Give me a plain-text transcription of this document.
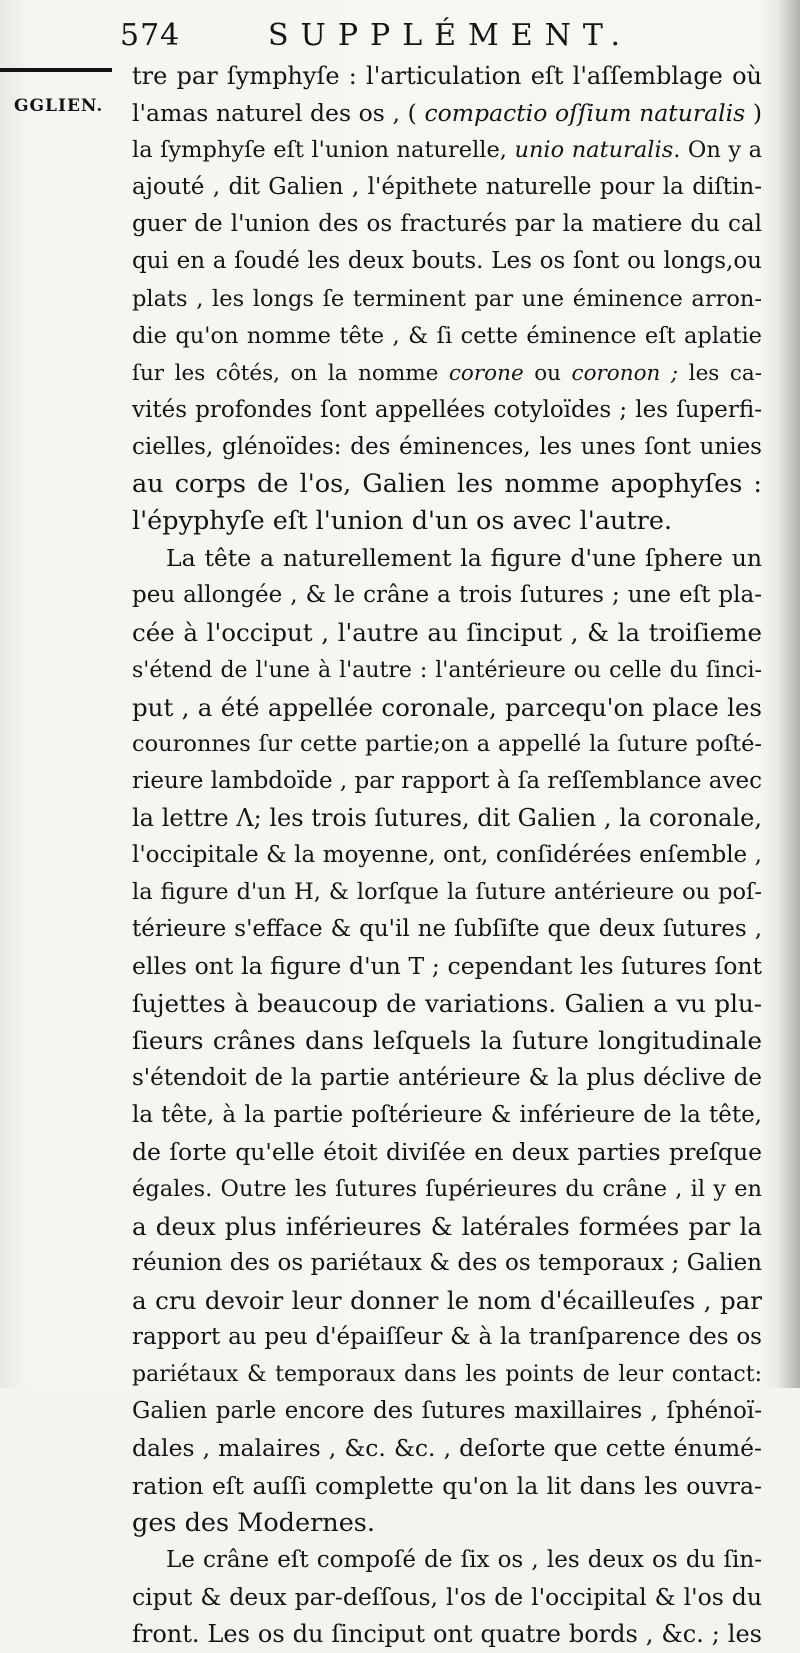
574	SUPPLÉMENT.
GGLIEN.
tre par ſymphyſe : l'articulation eſt l'aſſemblage où
l'amas naturel des os , ( compactio oſſium naturalis )
la ſymphyſe eſt l'union naturelle, unio naturalis. On y a
ajouté , dit Galien , l'épithete naturelle pour la diſtin-
guer de l'union des os fracturés par la matiere du cal
qui en a ſoudé les deux bouts. Les os ſont ou longs,ou
plats , les longs ſe terminent par une éminence arron-
die qu'on nomme tête , & ſi cette éminence eſt aplatie
ſur les côtés, on la nomme corone ou coronon ; les ca-
vités profondes ſont appellées cotyloïdes ; les ſuperfi-
cielles, glénoïdes: des éminences, les unes ſont unies
au corps de l'os, Galien les nomme apophyſes :
l'épyphyſe eſt l'union d'un os avec l'autre.
La tête a naturellement la figure d'une ſphere un
peu allongée , & le crâne a trois ſutures ; une eſt pla-
cée à l'occiput , l'autre au ſinciput , & la troiſieme
s'étend de l'une à l'autre : l'antérieure ou celle du ſinci-
put , a été appellée coronale, parcequ'on place les
couronnes ſur cette partie;on a appellé la ſuture poſté-
rieure lambdoïde , par rapport à ſa reſſemblance avec
la lettre Λ; les trois ſutures, dit Galien , la coronale,
l'occipitale & la moyenne, ont, conſidérées enſemble ,
la figure d'un H, & lorſque la ſuture antérieure ou poſ-
térieure s'efface & qu'il ne ſubſiſte que deux ſutures ,
elles ont la figure d'un T ; cependant les ſutures ſont
ſujettes à beaucoup de variations. Galien a vu plu-
ſieurs crânes dans leſquels la ſuture longitudinale
s'étendoit de la partie antérieure & la plus déclive de
la tête, à la partie poſtérieure & inférieure de la tête,
de ſorte qu'elle étoit diviſée en deux parties preſque
égales. Outre les ſutures ſupérieures du crâne , il y en
a deux plus inférieures & latérales formées par la
réunion des os pariétaux & des os temporaux ; Galien
a cru devoir leur donner le nom d'écailleuſes , par
rapport au peu d'épaiſſeur & à la tranſparence des os
pariétaux & temporaux dans les points de leur contact:
Galien parle encore des ſutures maxillaires , ſphénoï-
dales , malaires , &c. &c. , deſorte que cette énumé-
ration eſt auſſi complette qu'on la lit dans les ouvra-
ges des Modernes.
Le crâne eſt compoſé de ſix os , les deux os du ſin-
ciput & deux par-deſſous, l'os de l'occipital & l'os du
front. Les os du ſinciput ont quatre bords , &c. ; les
